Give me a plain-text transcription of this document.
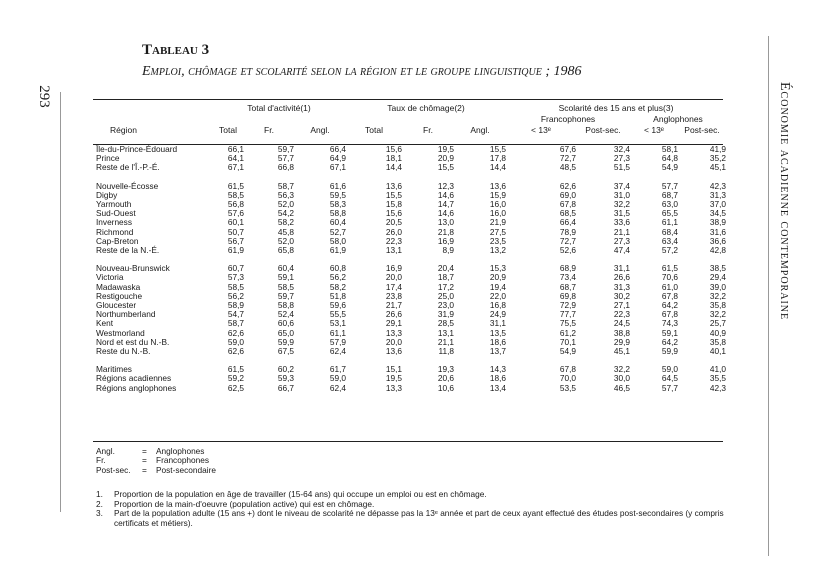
293	Économie acadienne contemporaine
Tableau 3
Emploi, chômage et scolarité selon la région et le groupe linguistique ; 1986
	Total d'activité(1)			Taux de chômage(2)			Scolarité des 15 ans et plus(3)			
							Francophones		Anglophones	
Région	Total	Fr.	Angl.	Total	Fr.	Angl.	< 13ᵉ	Post-sec.	< 13ᵉ	Post-sec.

Île-du-Prince-Édouard	66,1	59,7	66,4	15,6	19,5	15,5	67,6	32,4	58,1	41,9
Prince	64,1	57,7	64,9	18,1	20,9	17,8	72,7	27,3	64,8	35,2
Reste de l'Î.-P.-É.	67,1	66,8	67,1	14,4	15,5	14,4	48,5	51,5	54,9	45,1

Nouvelle-Écosse	61,5	58,7	61,6	13,6	12,3	13,6	62,6	37,4	57,7	42,3
Digby	58,5	56,3	59,5	15,5	14,6	15,9	69,0	31,0	68,7	31,3
Yarmouth	56,8	52,0	58,3	15,8	14,7	16,0	67,8	32,2	63,0	37,0
Sud-Ouest	57,6	54,2	58,8	15,6	14,6	16,0	68,5	31,5	65,5	34,5
Inverness	60,1	58,2	60,4	20,5	13,0	21,9	66,4	33,6	61,1	38,9
Richmond	50,7	45,8	52,7	26,0	21,8	27,5	78,9	21,1	68,4	31,6
Cap-Breton	56,7	52,0	58,0	22,3	16,9	23,5	72,7	27,3	63,4	36,6
Reste de la N.-É.	61,9	65,8	61,9	13,1	8,9	13,2	52,6	47,4	57,2	42,8

Nouveau-Brunswick	60,7	60,4	60,8	16,9	20,4	15,3	68,9	31,1	61,5	38,5
Victoria	57,3	59,1	56,2	20,0	18,7	20,9	73,4	26,6	70,6	29,4
Madawaska	58,5	58,5	58,2	17,4	17,2	19,4	68,7	31,3	61,0	39,0
Restigouche	56,2	59,7	51,8	23,8	25,0	22,0	69,8	30,2	67,8	32,2
Gloucester	58,9	58,8	59,6	21,7	23,0	16,8	72,9	27,1	64,2	35,8
Northumberland	54,7	52,4	55,5	26,6	31,9	24,9	77,7	22,3	67,8	32,2
Kent	58,7	60,6	53,1	29,1	28,5	31,1	75,5	24,5	74,3	25,7
Westmorland	62,6	65,0	61,1	13,3	13,1	13,5	61,2	38,8	59,1	40,9
Nord et est du N.-B.	59,0	59,9	57,9	20,0	21,1	18,6	70,1	29,9	64,2	35,8
Reste du N.-B.	62,6	67,5	62,4	13,6	11,8	13,7	54,9	45,1	59,9	40,1

Maritimes	61,5	60,2	61,7	15,1	19,3	14,3	67,8	32,2	59,0	41,0
Régions acadiennes	59,2	59,3	59,0	19,5	20,6	18,6	70,0	30,0	64,5	35,5
Régions anglophones	62,5	66,7	62,4	13,3	10,6	13,4	53,5	46,5	57,7	42,3
Angl.	=	Anglophones
Fr.	=	Francophones
Post-sec.	=	Post-secondaire
1.	Proportion de la population en âge de travailler (15-64 ans) qui occupe un emploi ou est en chômage.
2.	Proportion de la main-d'oeuvre (population active) qui est en chômage.
3.	Part de la population adulte (15 ans +) dont le niveau de scolarité ne dépasse pas la 13ᵉ année et part de ceux ayant effectué des études post-secondaires (y compris certificats et métiers).
